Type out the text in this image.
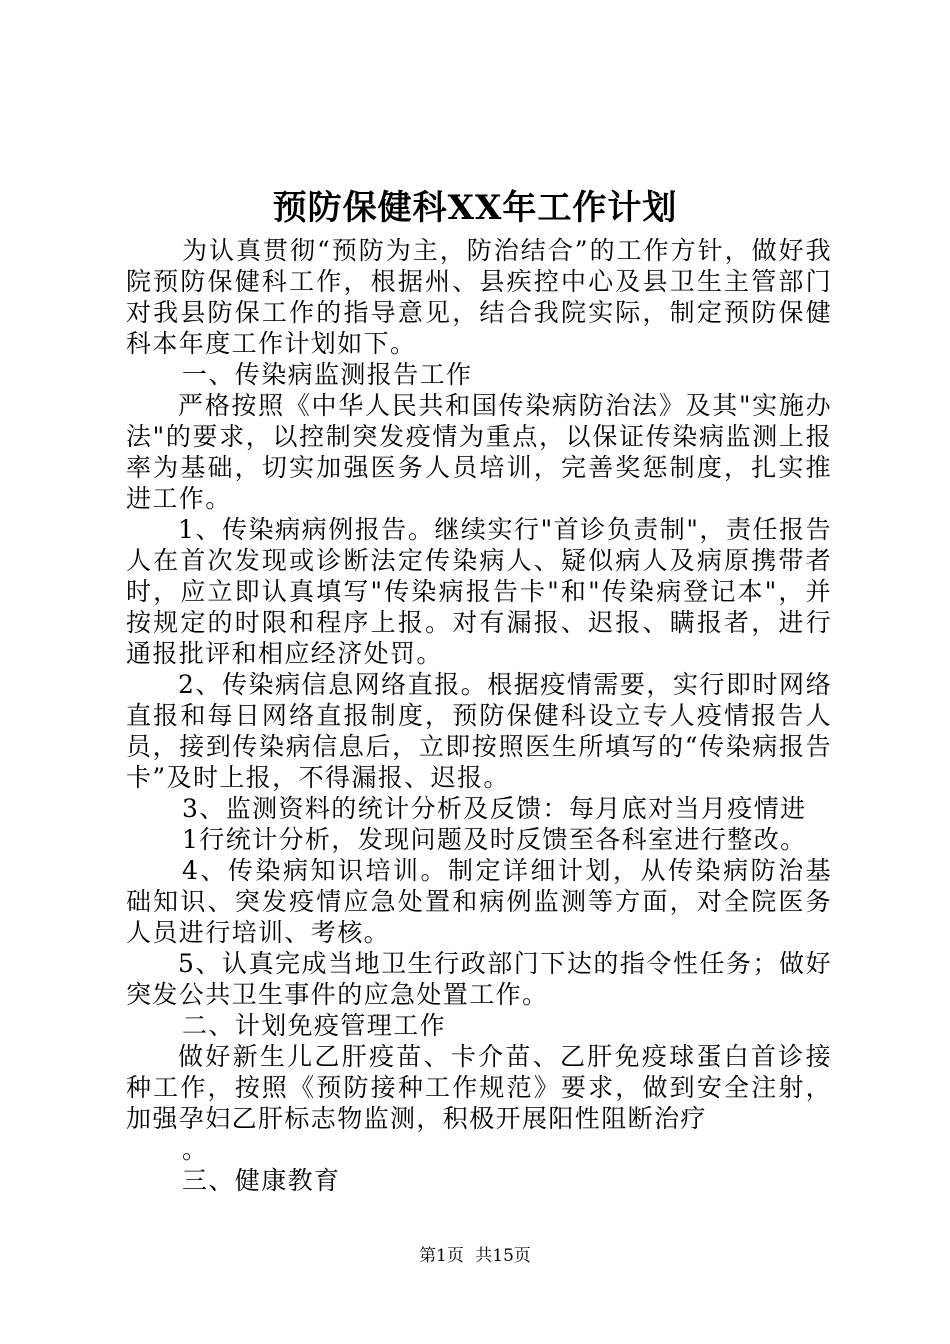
预防保健科XX年工作计划

为认真贯彻“预防为主，防治结合”的工作方针，做好我院预防保健科工作，根据州、县疾控中心及县卫生主管部门对我县防保工作的指导意见，结合我院实际，制定预防保健科本年度工作计划如下。

一、传染病监测报告工作

严格按照《中华人民共和国传染病防治法》及其"实施办法"的要求，以控制突发疫情为重点，以保证传染病监测上报率为基础，切实加强医务人员培训，完善奖惩制度，扎实推进工作。

1、传染病病例报告。继续实行"首诊负责制"，责任报告人在首次发现或诊断法定传染病人、疑似病人及病原携带者时，应立即认真填写"传染病报告卡"和"传染病登记本"，并按规定的时限和程序上报。对有漏报、迟报、瞒报者，进行通报批评和相应经济处罚。

2、传染病信息网络直报。根据疫情需要，实行即时网络直报和每日网络直报制度，预防保健科设立专人疫情报告人员，接到传染病信息后，立即按照医生所填写的“传染病报告卡”及时上报，不得漏报、迟报。

3、监测资料的统计分析及反馈：每月底对当月疫情进

1行统计分析，发现问题及时反馈至各科室进行整改。

4、传染病知识培训。制定详细计划，从传染病防治基础知识、突发疫情应急处置和病例监测等方面，对全院医务人员进行培训、考核。

5、认真完成当地卫生行政部门下达的指令性任务；做好突发公共卫生事件的应急处置工作。

二、计划免疫管理工作

做好新生儿乙肝疫苗、卡介苗、乙肝免疫球蛋白首诊接种工作，按照《预防接种工作规范》要求，做到安全注射，加强孕妇乙肝标志物监测，积极开展阳性阻断治疗

。

三、健康教育

第1页 共15页
